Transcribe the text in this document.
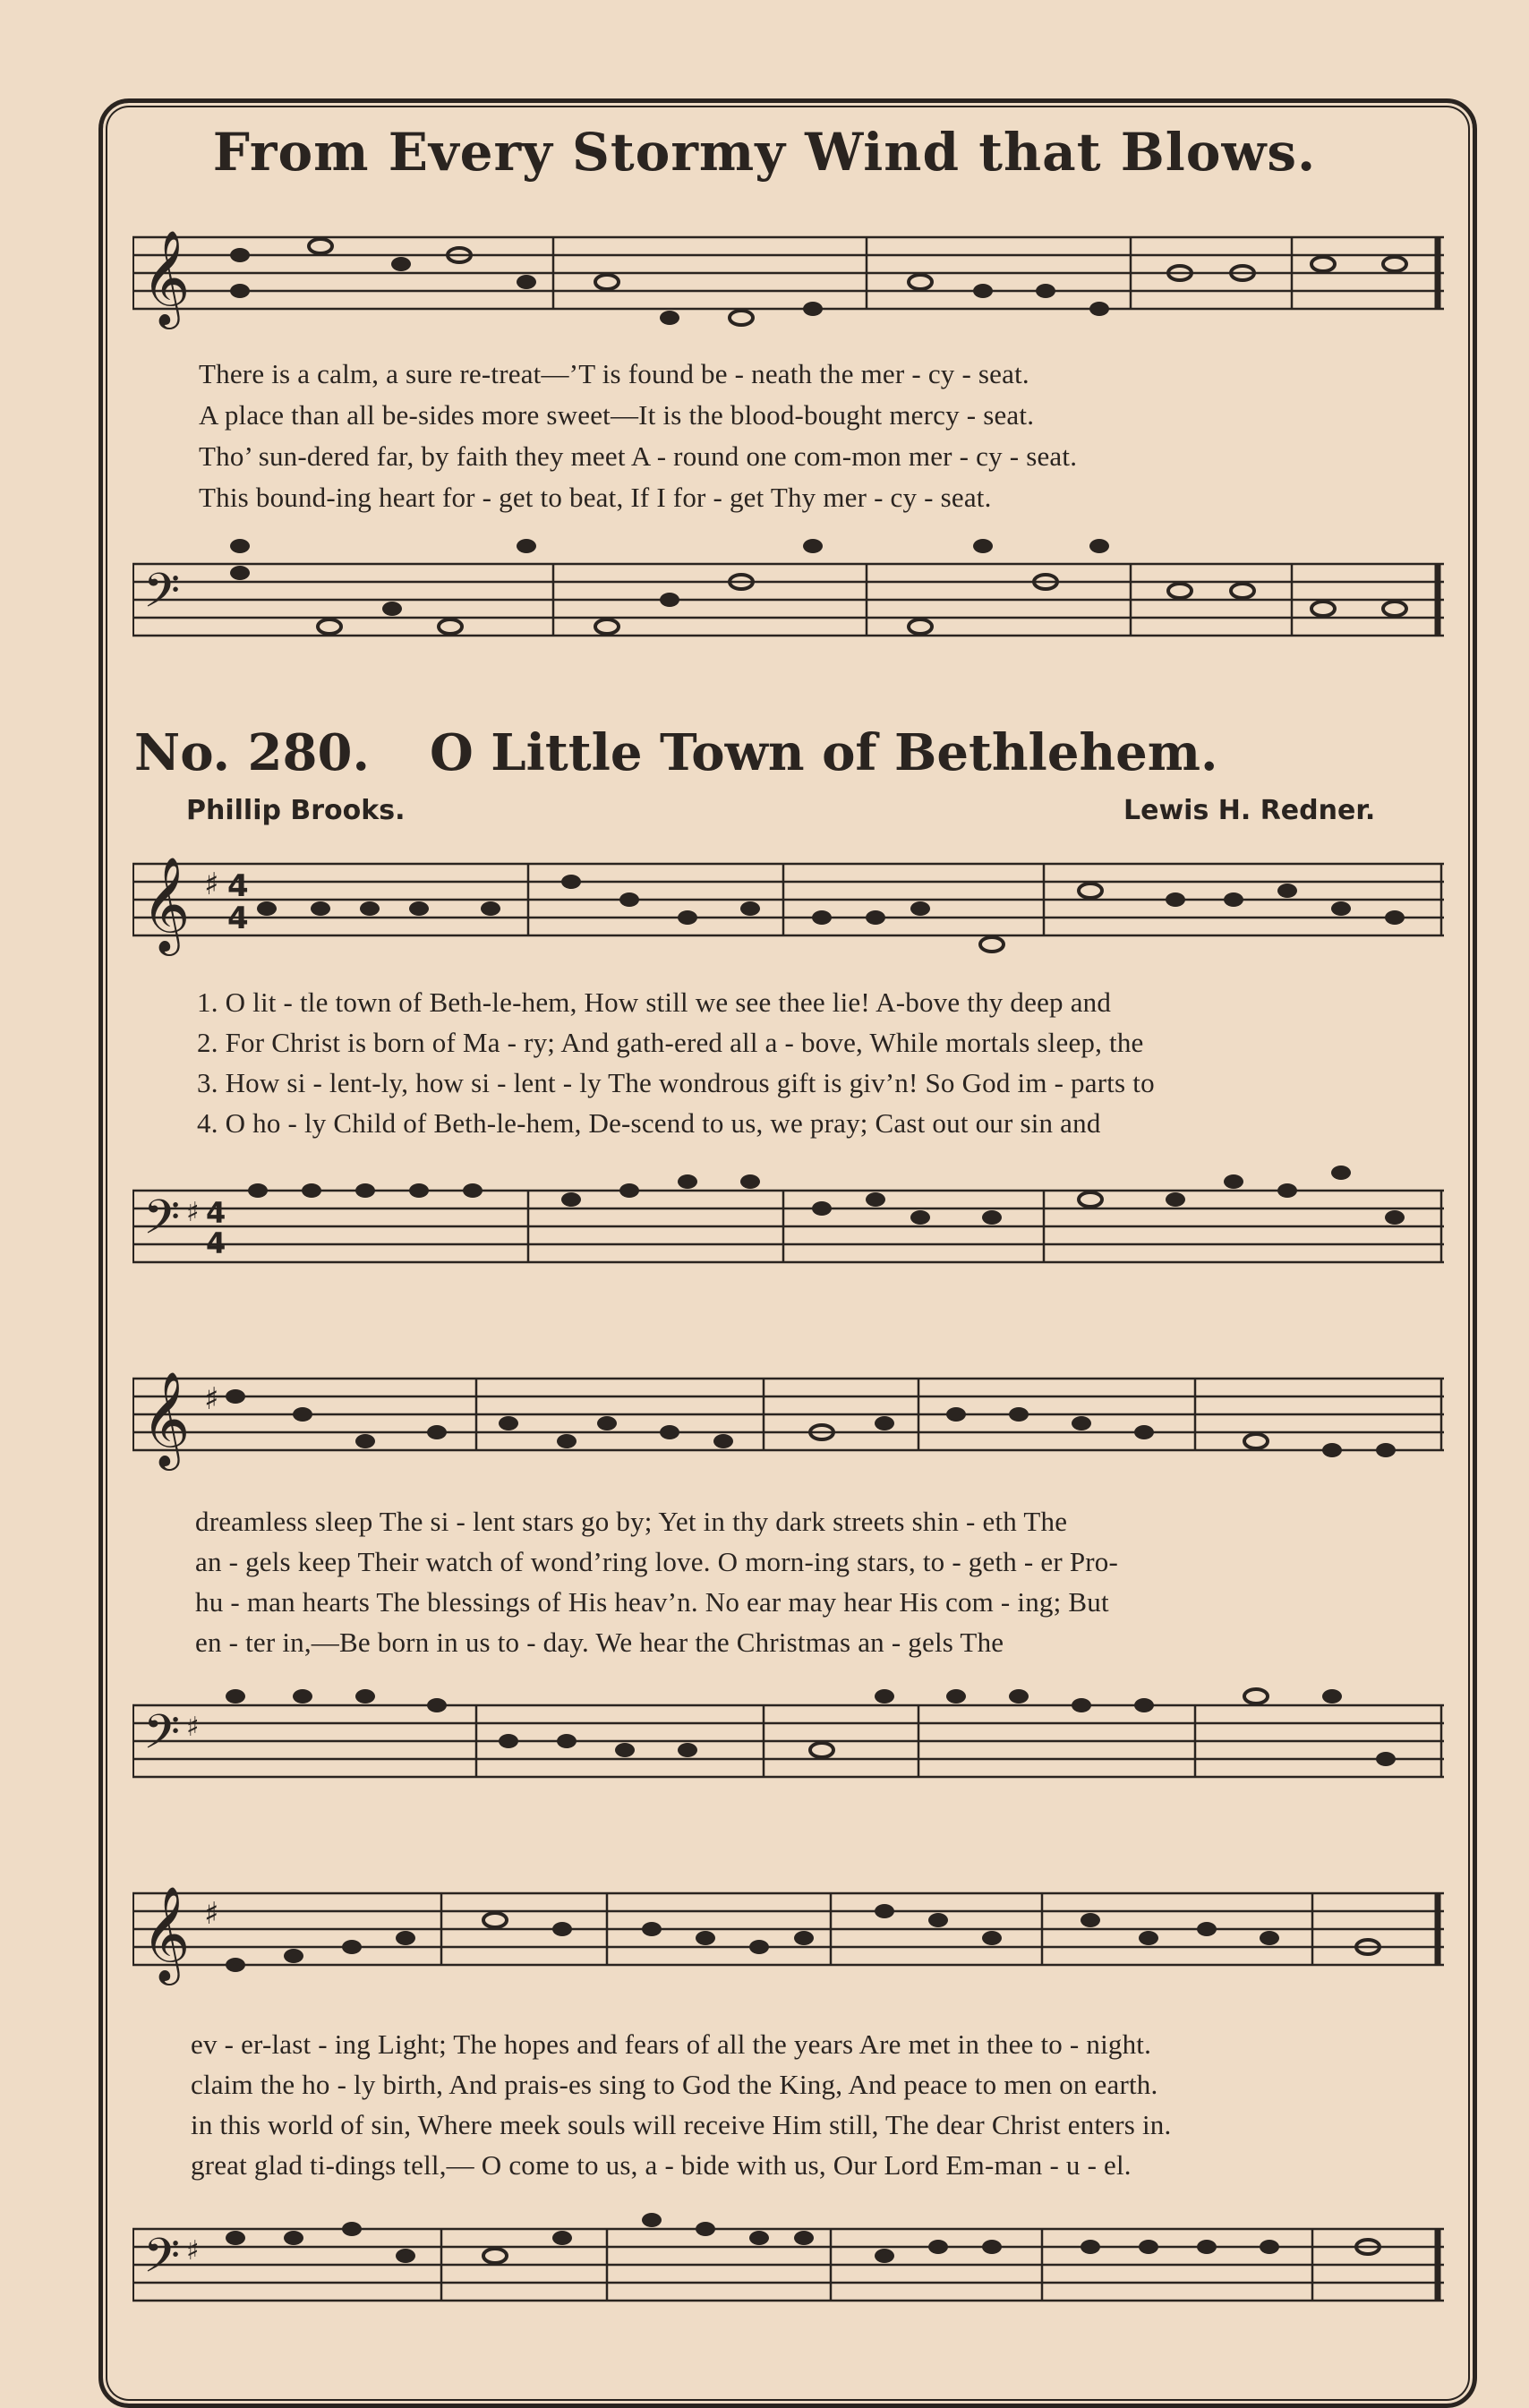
From Every Stormy Wind that Blows.
𝄞
There is a calm, a sure re-treat—’T is found be - neath the mer - cy - seat.
A place than all be-sides more sweet—It is the blood-bought mercy - seat.
Tho’ sun-dered far, by faith they meet A - round one com-mon mer - cy - seat.
This bound-ing heart for - get to beat, If I for - get Thy mer - cy - seat.
𝄢
No. 280. O Little Town of Bethlehem.
Phillip Brooks.	Lewis H. Redner.
𝄞 ♯ 4
4
1. O lit - tle town of Beth-le-hem, How still we see thee lie! A-bove thy deep and
2. For Christ is born of Ma - ry; And gath-ered all a - bove, While mortals sleep, the
3. How si - lent-ly, how si - lent - ly The wondrous gift is giv’n! So God im - parts to
4. O ho - ly Child of Beth-le-hem, De-scend to us, we pray; Cast out our sin and
𝄢 ♯ 4
4
𝄞 ♯
dreamless sleep The si - lent stars go by; Yet in thy dark streets shin - eth The
an - gels keep Their watch of wond’ring love. O morn-ing stars, to - geth - er Pro-
hu - man hearts The blessings of His heav’n. No ear may hear His com - ing; But
en - ter in,—Be born in us to - day. We hear the Christmas an - gels The
𝄢 ♯
𝄞 ♯
ev - er-last - ing Light; The hopes and fears of all the years Are met in thee to - night.
claim the ho - ly birth, And prais-es sing to God the King, And peace to men on earth.
in this world of sin, Where meek souls will receive Him still, The dear Christ enters in.
great glad ti-dings tell,— O come to us, a - bide with us, Our Lord Em-man - u - el.
𝄢 ♯
